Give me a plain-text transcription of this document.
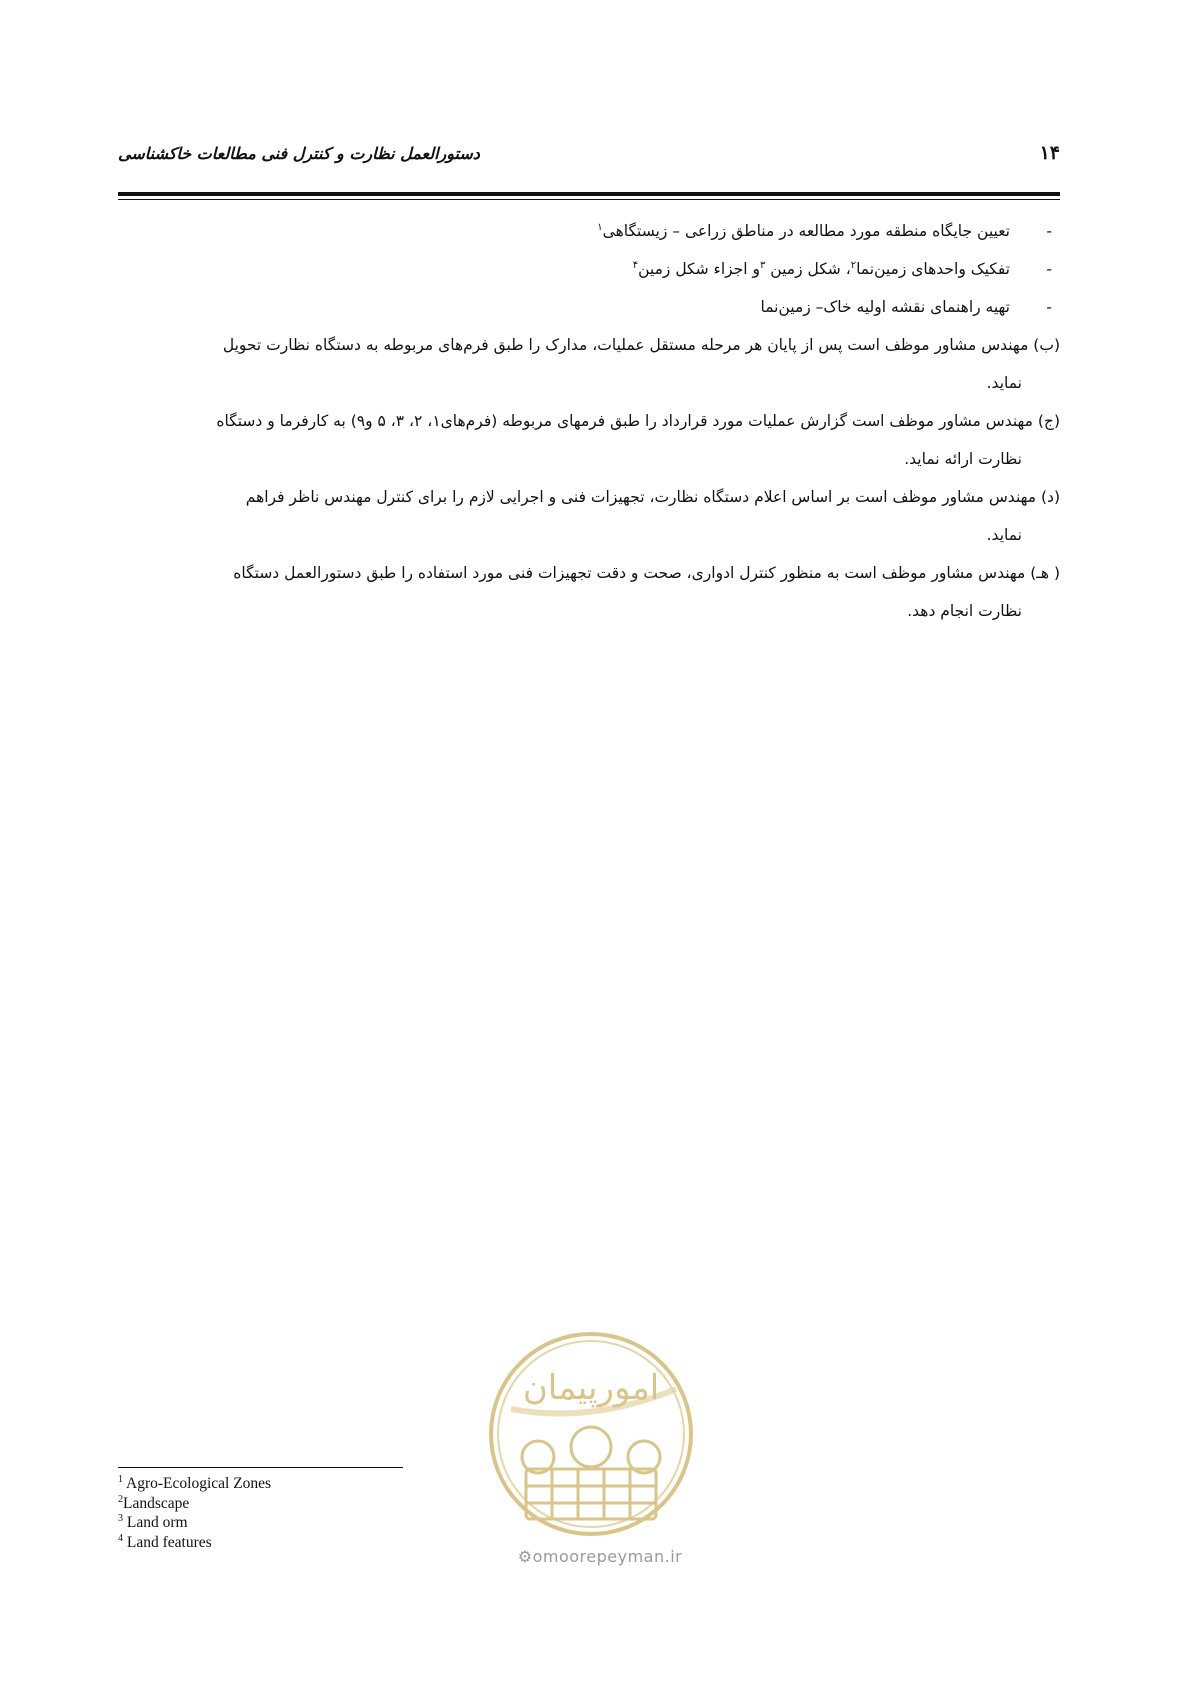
۱۴
دستورالعمل نظارت و کنترل فنی مطالعات خاکشناسی
-
تعیین جایگاه منطقه مورد مطالعه در مناطق زراعی – زیستگاهی$^۱$
-
تفکیک واحدهای زمین‌نما$^۲$، شکل زمین $^۳$و اجزاء شکل زمین$^۴$
-
تهیه راهنمای نقشه اولیه خاک– زمین‌نما
(ب) مهندس مشاور موظف است پس از پایان هر مرحله مستقل عملیات، مدارک را طبق فرم‌های مربوطه به دستگاه نظارت تحویل
نماید.
(ج) مهندس مشاور موظف است گزارش عملیات مورد قرارداد را طبق فرمهای مربوطه (فرم‌های۱، ۲، ۳، ۵ و۹) به کارفرما و دستگاه
نظارت ارائه نماید.
(د) مهندس مشاور موظف است بر اساس اعلام دستگاه نظارت، تجهیزات فنی و اجرایی لازم را برای کنترل مهندس ناظر فراهم
نماید.
( هـ) مهندس مشاور موظف است به منظور کنترل ادواری، صحت و دقت تجهیزات فنی مورد استفاده را طبق دستورالعمل دستگاه
نظارت انجام دهد.
$^1$ Agro-Ecological Zones
$^2$Landscape
$^3$ Land orm
$^4$ Land features
امورپیمان
⚙omoorepeyman.ir
